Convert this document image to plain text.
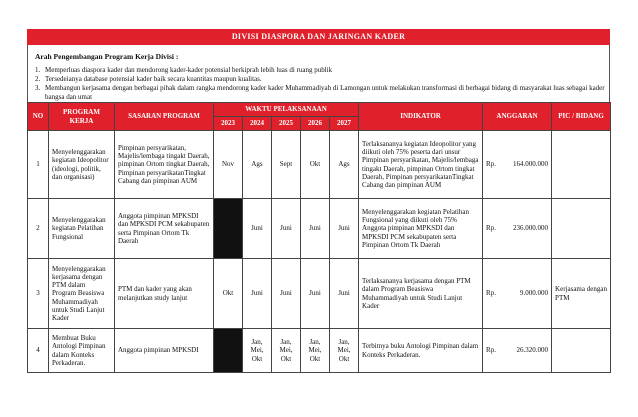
DIVISI DIASPORA DAN JARINGAN KADER
Arah Pengembangan Program Kerja Divisi :
1. Memperluas diaspora kader dan mendorong kader-kader potensial berkiprah lebih luas di ruang publik
2. Tersedeianya database potensial kader baik secara kuantitas maupun kualitas.
3. Membangun kerjasama dengan berbagai pihak dalam rangka mendorong kader kader Muhammadiyah di Lamongan untuk melakukan transformasi di berbagai bidang di masyarakat luas sebagai kader bangsa dan umat
NO	PROGRAM KERJA	SASARAN PROGRAM	WAKTU PELAKSANAAN					INDIKATOR	ANGGARAN	PIC / BIDANG
			2023	2024	2025	2026	2027			
1	Menyelenggarakan kegiatan Ideopolitor (ideologi, politik, dan organisasi)	Pimpinan persyarikatan, Majelis/lembaga tingakt Daerah, pimpinan Ortom tingkat Daerah, Pimpinan persyarikatanTingkat Cabang dan pimpinan AUM	Nov	Ags	Sept	Okt	Ags	Terlaksananya kegiatan Ideopolitor yang diikuti oleh 75% peserta dari unsur Pimpinan persyarikatan, Majelis/lembaga tingakt Daerah, pimpinan Ortom tingkat Daerah, Pimpinan persyarikatanTingkat Cabang dan pimpinan AUM	Rp. 164.000.000	

2	Menyelenggarakan kegiatan Pelatihan Fungsional	Anggota pimpinan MPKSDI dan MPKSDI PCM sekabupaten serta Pimpinan Ortom Tk Daerah		Juni	Juni	Juni	Juni	Menyelenggarakan kegiatan Pelatihan Fungsional yang diikuti oleh 75% Anggota pimpinan MPKSDI dan MPKSDI PCM sekabupaten serta Pimpinan Ortom Tk Daerah	Rp. 236.000.000	

3	Menyelenggarakan kerjasama dengan PTM dalam Program Beasiswa Muhammadiyah untuk Studi Lanjut Kader	PTM dan kader yang akan melanjutkan study lanjut	Okt	Juni	Juni	Juni	Juni	Terlaksananya kerjasama dengan PTM dalam Program Beasiswa Muhammadiyah untuk Studi Lanjut Kader	Rp. 9.000.000	Kerjasama dengan PTM
4	Membuat Buku Antologi Pimpinan dalam Konteks Perkaderan.	Anggota pimpinan MPKSDI		Jan, Mei, Okt	Jan, Mei, Okt	Jan, Mei, Okt	Jan, Mei, Okt	Terbitnya buku Antologi Pimpinan dalam Konteks Perkaderan.	Rp. 26.320.000	
